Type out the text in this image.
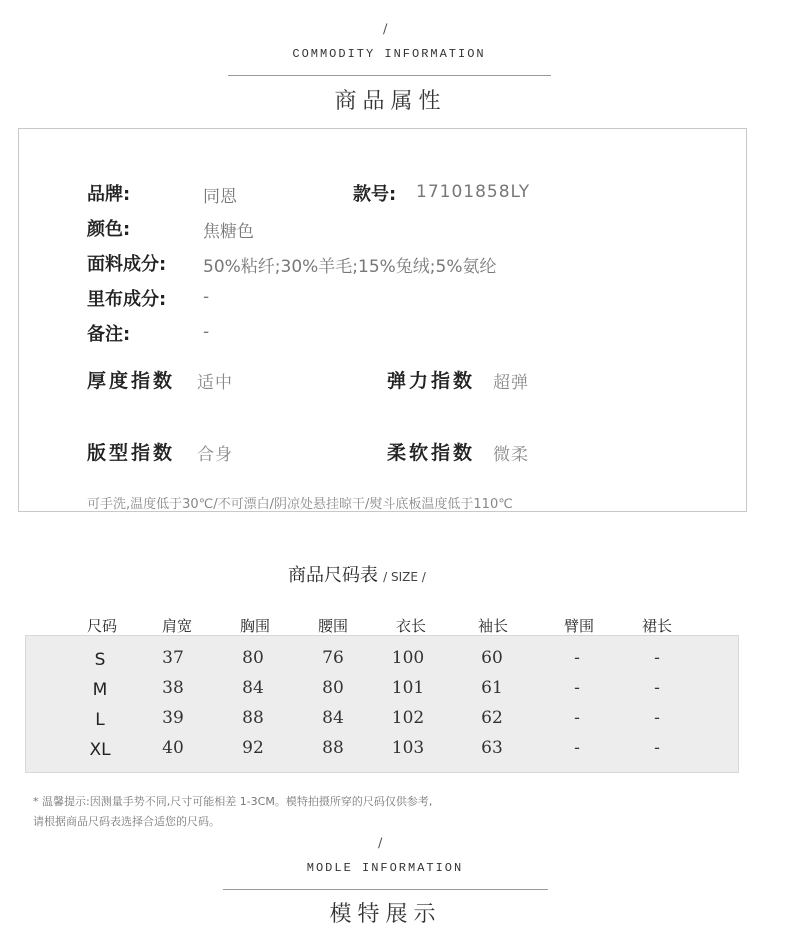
/
COMMODITY INFORMATION
商品属性
品牌:	同恩	款号: 17101858LY
颜色:	焦糖色
面料成分: 50%粘纤;30%羊毛;15%兔绒;5%氨纶
里布成分: -
备注:	-
厚度指数 适中	弹力指数 超弹
版型指数 合身	柔软指数 微柔
可手洗,温度低于30℃/不可漂白/阴凉处悬挂晾干/熨斗底板温度低于110℃
商品尺码表 / SIZE /
尺码	肩宽	胸围	腰围	衣长	袖长	臂围	裙长
S	37	80	76	100	60	-	-
M	38	84	80	101	61	-	-
L	39	88	84	102	62	-	-
XL	40	92	88	103	63	-	-
* 温馨提示:因测量手势不同,尺寸可能相差 1-3CM。模特拍摄所穿的尺码仅供参考,
请根据商品尺码表选择合适您的尺码。
/
MODLE INFORMATION
模特展示
